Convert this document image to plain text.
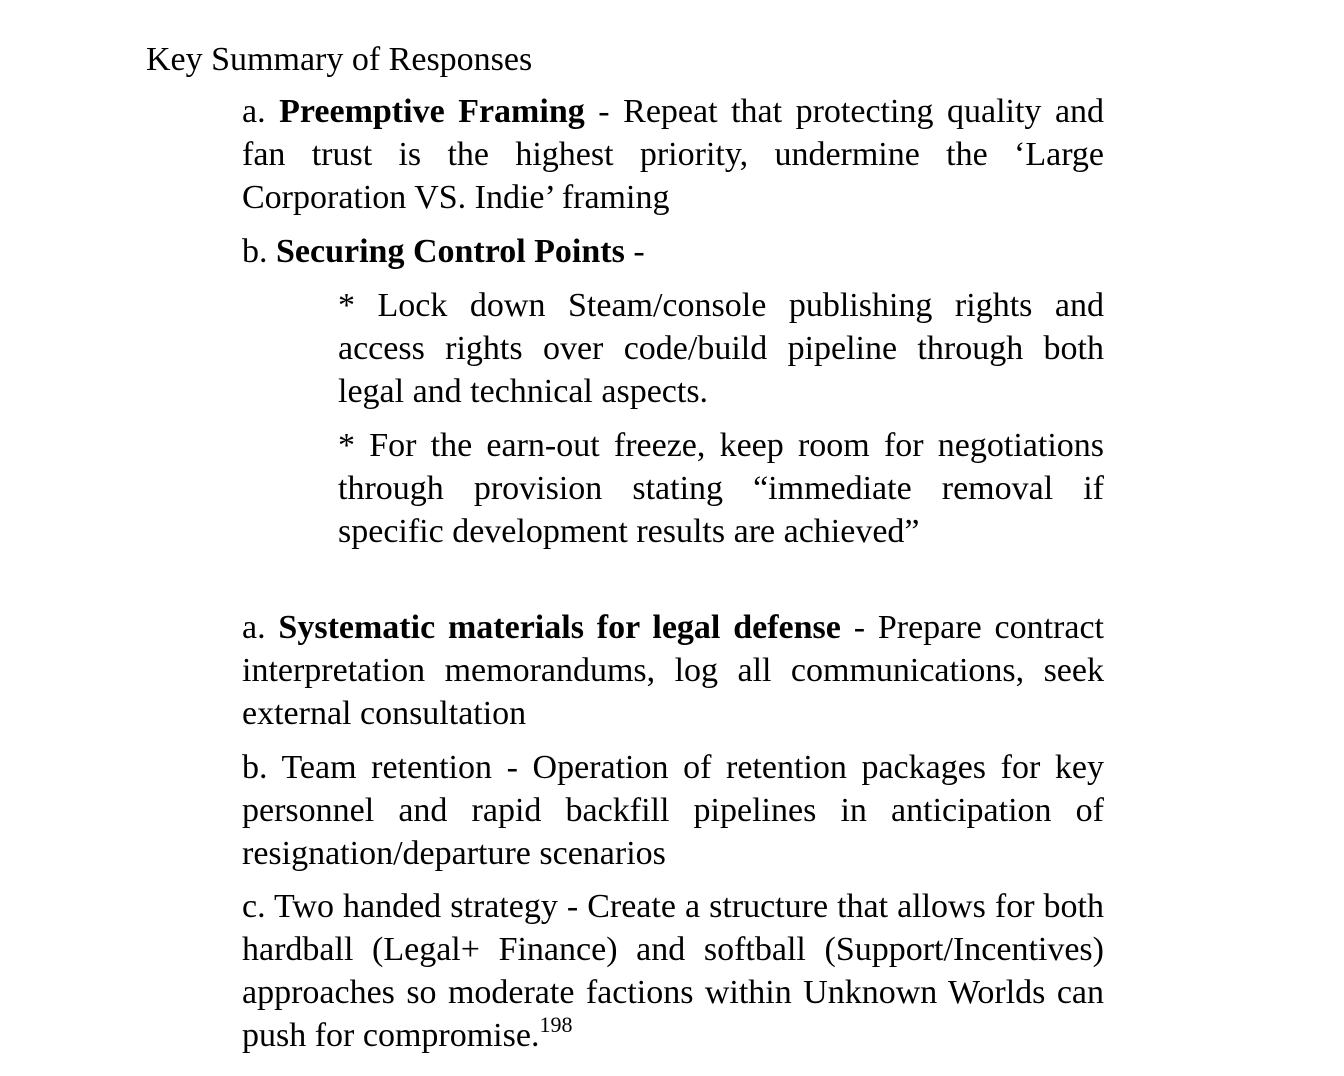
Key Summary of Responses
a. Preemptive Framing - Repeat that protecting quality and fan trust is the highest priority, undermine the ‘Large Corporation VS. Indie’ framing
b. Securing Control Points -
* Lock down Steam/console publishing rights and access rights over code/build pipeline through both legal and technical aspects.
* For the earn-out freeze, keep room for negotiations through provision stating “immediate removal if specific development results are achieved”
a. Systematic materials for legal defense - Prepare contract interpretation memorandums, log all communications, seek external consultation
b. Team retention - Operation of retention packages for key personnel and rapid backfill pipelines in anticipation of resignation/departure scenarios
c. Two handed strategy - Create a structure that allows for both hardball (Legal+ Finance) and softball (Support/Incentives) approaches so moderate factions within Unknown Worlds can push for compromise.$^{198}$
